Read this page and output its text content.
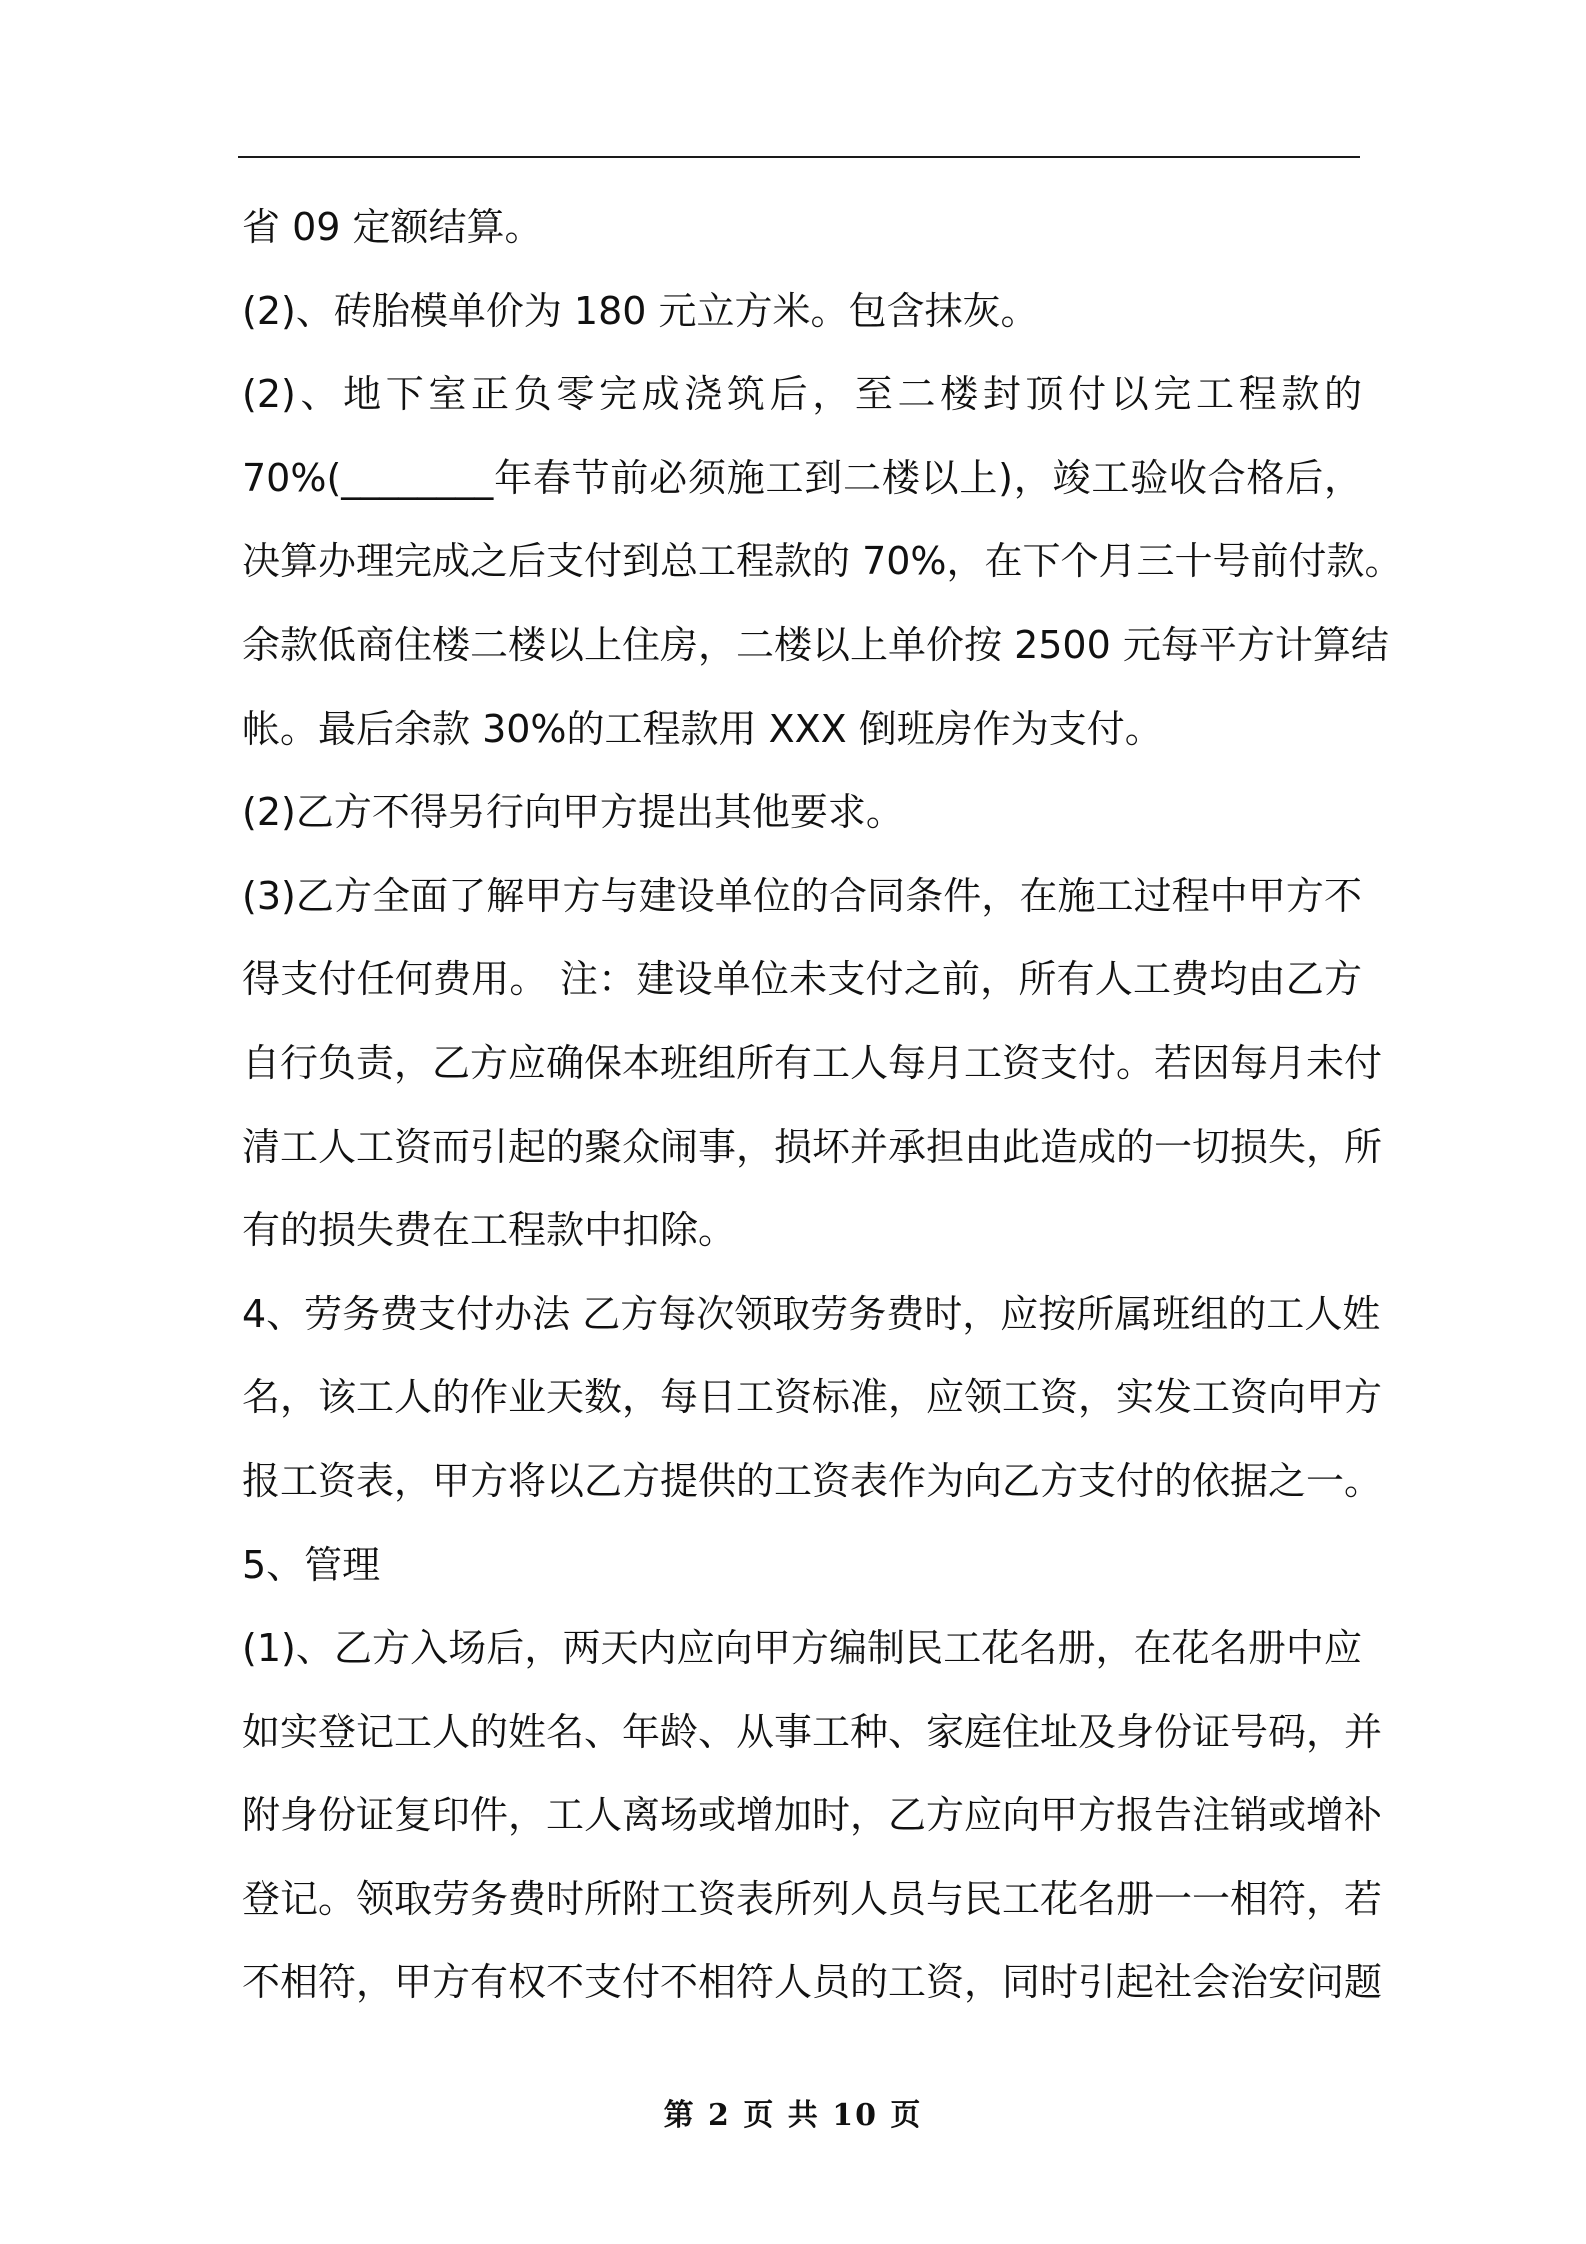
省 09 定额结算。
(2)、砖胎模单价为 180 元立方米。包含抹灰。
(2)、地下室正负零完成浇筑后，至二楼封顶付以完工程款的
70%(________年春节前必须施工到二楼以上)，竣工验收合格后，
决算办理完成之后支付到总工程款的 70%，在下个月三十号前付款。
余款低商住楼二楼以上住房，二楼以上单价按 2500 元每平方计算结
帐。最后余款 30%的工程款用 XXX 倒班房作为支付。
(2)乙方不得另行向甲方提出其他要求。
(3)乙方全面了解甲方与建设单位的合同条件，在施工过程中甲方不
得支付任何费用。 注：建设单位未支付之前，所有人工费均由乙方
自行负责，乙方应确保本班组所有工人每月工资支付。若因每月未付
清工人工资而引起的聚众闹事，损坏并承担由此造成的一切损失，所
有的损失费在工程款中扣除。
4、劳务费支付办法 乙方每次领取劳务费时，应按所属班组的工人姓
名，该工人的作业天数，每日工资标准，应领工资，实发工资向甲方
报工资表，甲方将以乙方提供的工资表作为向乙方支付的依据之一。
5、管理
(1)、乙方入场后，两天内应向甲方编制民工花名册，在花名册中应
如实登记工人的姓名、年龄、从事工种、家庭住址及身份证号码，并
附身份证复印件，工人离场或增加时，乙方应向甲方报告注销或增补
登记。领取劳务费时所附工资表所列人员与民工花名册一一相符，若
不相符，甲方有权不支付不相符人员的工资，同时引起社会治安问题
第 2 页 共 10 页
